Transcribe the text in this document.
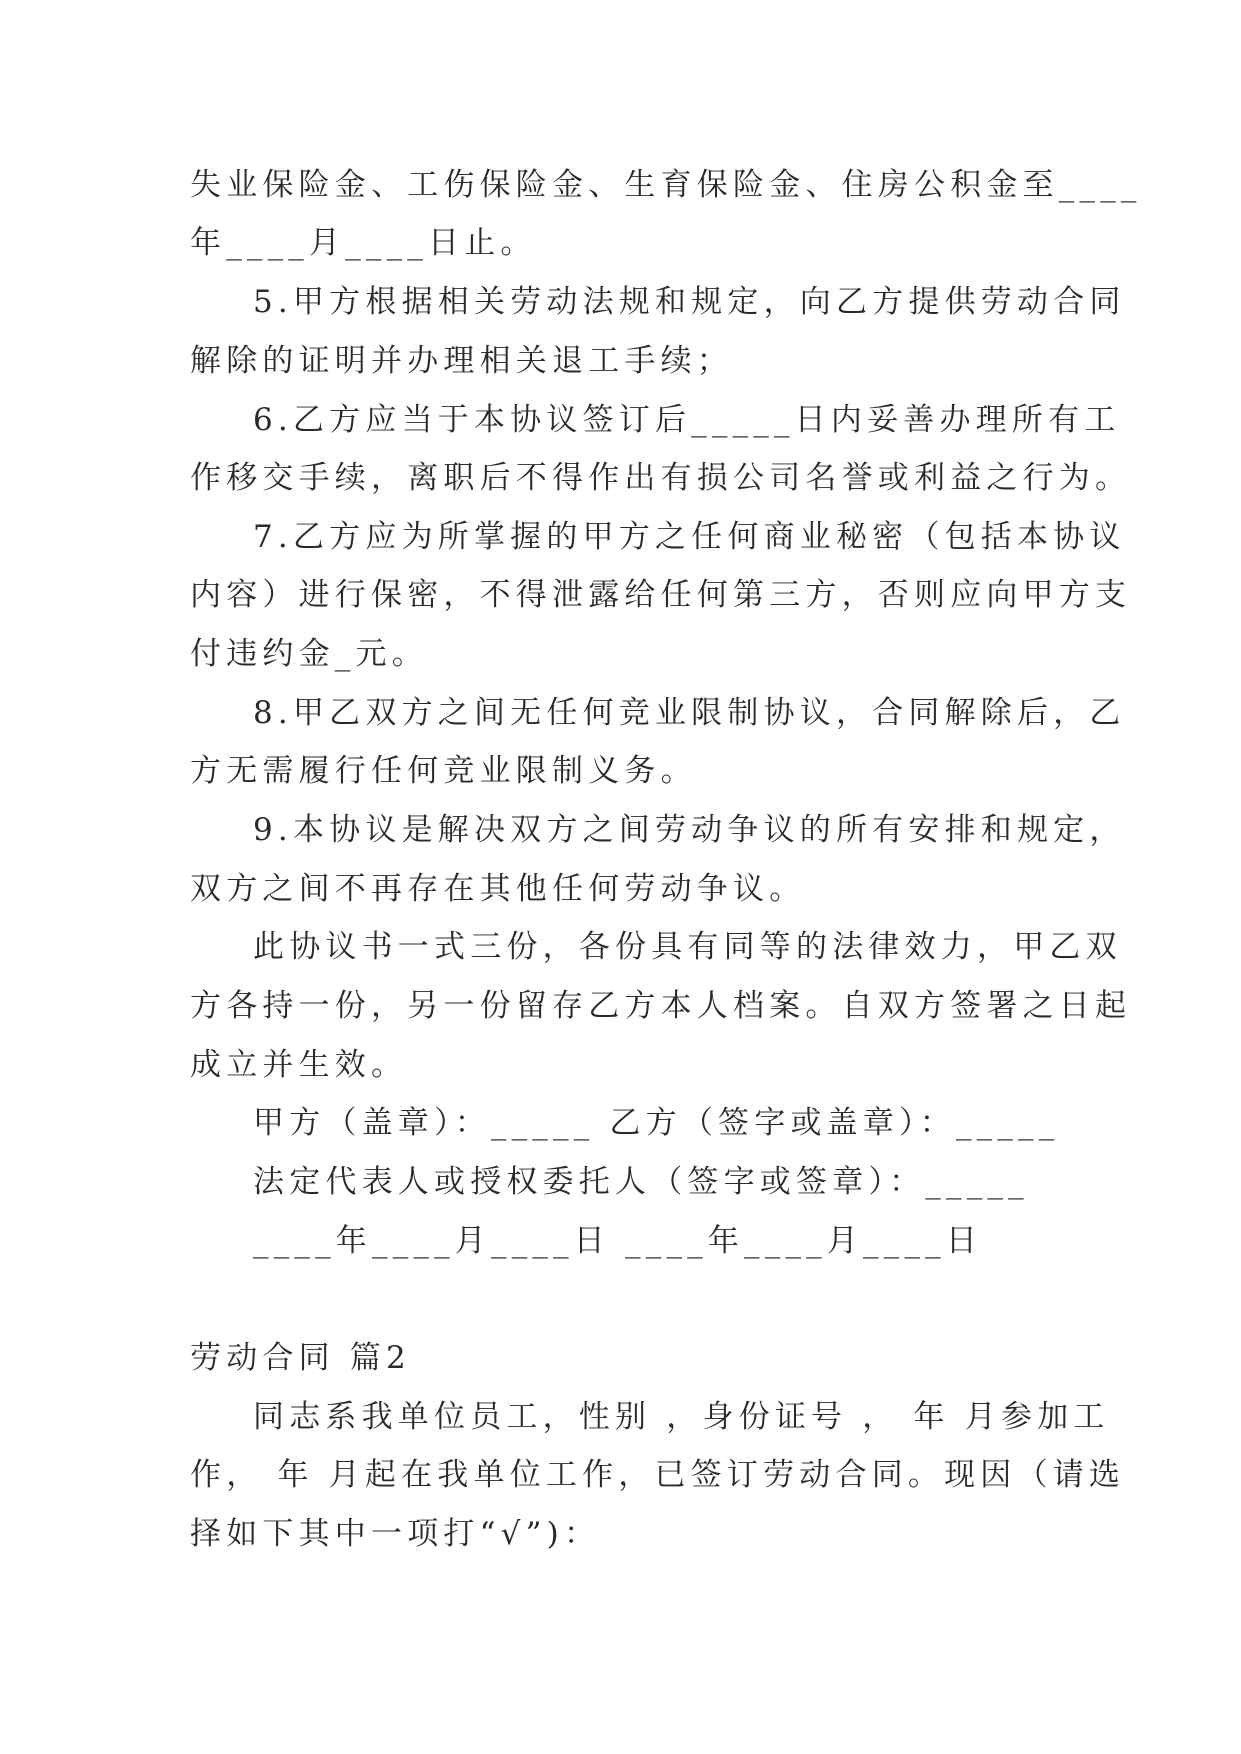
失业保险金、工伤保险金、生育保险金、住房公积金至____
年____月____日止。
5.甲方根据相关劳动法规和规定，向乙方提供劳动合同
解除的证明并办理相关退工手续；
6.乙方应当于本协议签订后_____日内妥善办理所有工
作移交手续，离职后不得作出有损公司名誉或利益之行为。
7.乙方应为所掌握的甲方之任何商业秘密（包括本协议
内容）进行保密，不得泄露给任何第三方，否则应向甲方支
付违约金_元。
8.甲乙双方之间无任何竞业限制协议，合同解除后，乙
方无需履行任何竞业限制义务。
9.本协议是解决双方之间劳动争议的所有安排和规定，
双方之间不再存在其他任何劳动争议。
此协议书一式三份，各份具有同等的法律效力，甲乙双
方各持一份，另一份留存乙方本人档案。自双方签署之日起
成立并生效。
甲方（盖章）：_____ 乙方（签字或盖章）：_____
法定代表人或授权委托人（签字或签章）：_____
____年____月____日 ____年____月____日
劳动合同 篇2
同志系我单位员工，性别 ，身份证号 ， 年 月参加工
作， 年 月起在我单位工作，已签订劳动合同。现因（请选
择如下其中一项打“√”)：
